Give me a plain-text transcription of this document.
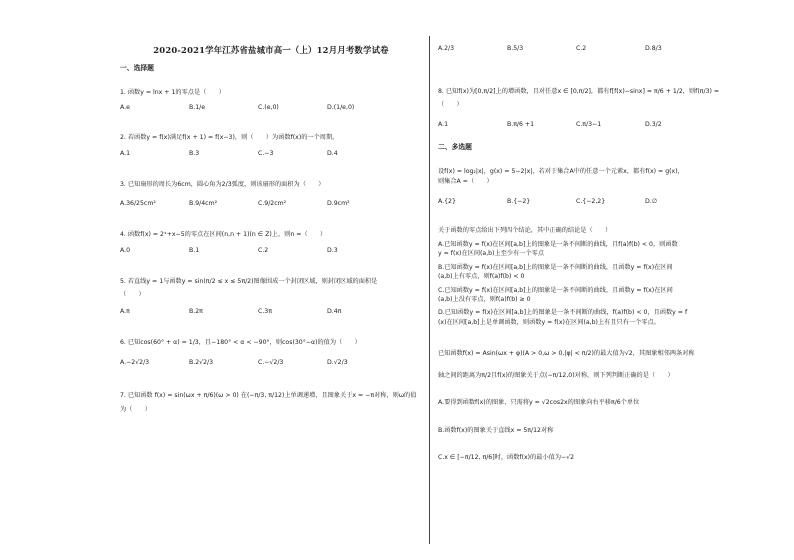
2020-2021学年江苏省盐城市高一（上）12月月考数学试卷
一、选择题
1. 函数y = lnx + 1的零点是（　　）
A.e	B.1/e	C.(e,0)	D.(1/e,0)
2. 若函数y = f(x)满足f(x + 1) = f(x−3)，则（　　）为函数f(x)的一个周期。
A.1	B.3	C.−3	D.4
3. 已知扇形的周长为6cm，圆心角为2/3弧度，则该扇形的面积为（　　）
A.36/25cm²	B.9/4cm²	C.9/2cm²	D.9cm²
4. 函数f(x) = 2ˣ+x−5的零点在区间(n,n + 1)(n ∈ Z)上，则n =（　　）
A.0	B.1	C.2	D.3
5. 若直线y = 1与函数y = sin(π/2 ≤ x ≤ 5π/2)图像围成一个封闭区域，则封闭区域的面积是
（　　）
A.π	B.2π	C.3π	D.4π
6. 已知cos(60° + α) = 1/3，且−180° < α < −90°，则cos(30°−α)的值为（　　）
A.−2√2/3	B.2√2/3	C.−√2/3	D.√2/3
7. 已知函数 f(x) = sin(ωx + π/6)(ω > 0) 在(−π/3, π/12)上单调递增，且图象关于x = −π对称，则ω的值
为（　　）
A.2/3	B.5/3	C.2	D.8/3
8. 已知f(x)为[0,π/2]上的增函数，且对任意x ∈ [0,π/2]，都有f[f(x)−sinx] = π/6 + 1/2，则f(π/3) =
（　　）
A.1	B.π/6 +1	C.π/3−1	D.3/2
二、多选题
设f(x) = log₂|x|，g(x) = 5−2|x|，若对于集合A中的任意一个元素x，都有f(x) = g(x)，
则集合A =（　　）
A.{2}	B.{−2}	C.{−2,2}	D.∅
关于函数的零点给出下列四个结论，其中正确的结论是（　　）
A.已知函数y = f(x)在区间[a,b]上的图象是一条不间断的曲线，且f(a)f(b) < 0，则函数
y = f(x)在区间(a,b)上至少有一个零点
B.已知函数y = f(x)在区间[a,b]上的图象是一条不间断的曲线，且函数y = f(x)在区间
(a,b)上有零点，则f(a)f(b) < 0
C.已知函数y = f(x)在区间[a,b]上的图象是一条不间断的曲线，且函数y = f(x)在区间
(a,b)上没有零点，则f(a)f(b) ≥ 0
D.已知函数y = f(x)在区间[a,b]上的图象是一条不间断的曲线，f(a)f(b) < 0，且函数y = f
(x)在区间[a,b]上是单调函数，则函数y = f(x)在区间(a,b)上有且只有一个零点。
已知函数f(x) = Asin(ωx + φ)(A > 0,ω > 0,|φ| < π/2)的最大值为√2，其图象相邻两条对称
轴之间的距离为π/2且f(x)的图象关于点(−π/12,0)对称，则下列判断正确的是（　　）
A.要得到函数f(x)的图象，只需将y = √2cos2x的图象向右平移π/6个单位
B.函数f(x)的图象关于直线x = 5π/12对称
C.x ∈ [−π/12, π/6]时，函数f(x)的最小值为−√2
